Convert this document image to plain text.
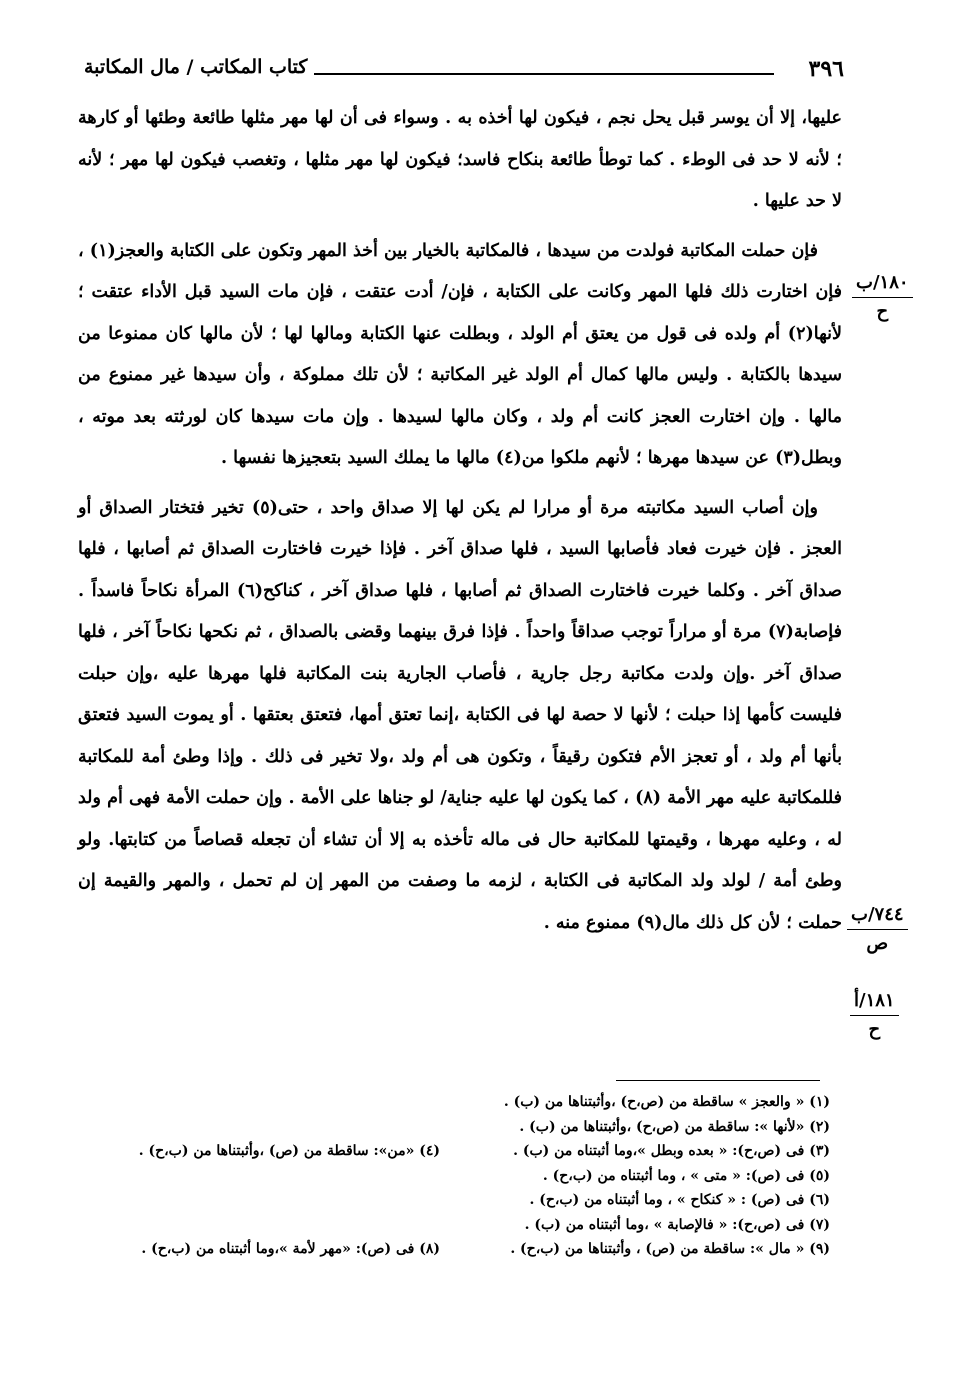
٣٩٦
كتاب المكاتب / مال المكاتبة

عليها، إلا أن يوسر قبل يحل نجم ، فيكون لها أخذه به . وسواء فى أن لها مهر مثلها طائعة وطئها أو كارهة ؛ لأنه لا حد فى الوطء . كما توطأ طائعة بنكاح فاسد؛ فيكون لها مهر مثلها ، وتغصب فيكون لها مهر ؛ لأنه لا حد عليها .

فإن حملت المكاتبة فولدت من سيدها ، فالمكاتبة بالخيار بين أخذ المهر وتكون على الكتابة والعجز(١) ، فإن اختارت ذلك فلها المهر وكانت على الكتابة ، فإن/ أدت عتقت ، فإن مات السيد قبل الأداء عتقت ؛ لأنها(٢) أم ولده فى قول من يعتق أم الولد ، وبطلت عنها الكتابة ومالها لها ؛ لأن مالها كان ممنوعا من سيدها بالكتابة . وليس مالها كمال أم الولد غير المكاتبة ؛ لأن تلك مملوكة ، وأن سيدها غير ممنوع من مالها . وإن اختارت العجز كانت أم ولد ، وكان مالها لسيدها . وإن مات سيدها كان لورثته بعد موته ، وبطل(٣) عن سيدها مهرها ؛ لأنهم ملكوا من(٤) مالها ما يملك السيد بتعجيزها نفسها .

وإن أصاب السيد مكاتبته مرة أو مرارا لم يكن لها إلا صداق واحد ، حتى(٥) تخير فتختار الصداق أو العجز . فإن خيرت فعاد فأصابها السيد ، فلها صداق آخر . فإذا خيرت فاختارت الصداق ثم أصابها ، فلها صداق آخر . وكلما خيرت فاختارت الصداق ثم أصابها ، فلها صداق آخر ، كناكح(٦) المرأة نكاحاً فاسداً . فإصابة(٧) مرة أو مراراً توجب صداقاً واحداً . فإذا فرق بينهما وقضى بالصداق ، ثم نكحها نكاحاً آخر ، فلها صداق آخر .وإن ولدت مكاتبة رجل جارية ، فأصاب الجارية بنت المكاتبة فلها مهرها عليه ،وإن حبلت فليست كأمها إذا حبلت ؛ لأنها لا حصة لها فى الكتابة ،إنما تعتق أمها، فتعتق بعتقها . أو يموت السيد فتعتق بأنها أم ولد ، أو تعجز الأم فتكون رقيقاً ، وتكون هى أم ولد ،ولا تخير فى ذلك . وإذا وطئ أمة للمكاتبة فللمكاتبة عليه مهر الأمة (٨) ، كما يكون لها عليه جناية/ لو جناها على الأمة . وإن حملت الأمة فهى أم ولد له ، وعليه مهرها ، وقيمتها للمكاتبة حال فى ماله تأخذه به إلا أن تشاء أن تجعله قصاصاً من كتابتها. ولو وطئ أمة / لولد ولد المكاتبة فى الكتابة ، لزمه ما وصفت من المهر إن لم تحمل ، والمهر والقيمة إن حملت ؛ لأن كل ذلك مال(٩) ممنوع منه .

١٨٠/ب
ح
٧٤٤/ب
ص
١٨١/أ
ح
(١) « والعجز » ساقطة من (ص،ح) ،وأثبتناها من (ب) .
(٢) «لأنها »: ساقطة من (ص،ح) ،وأثبتناها من (ب) .
(٣) فى (ص،ح): « بعده وبطل »،وما أثبتناه من (ب) .
(٥) فى (ص): « متى » ، وما أثبتناه من (ب،ح) .
(٦) فى (ص) : « كنكاح » ، وما أثبتناه من (ب،ح) .
(٧) فى (ص،ح): « فالإصابة » ،وما أثبتناه من (ب) .
(٩) « مال »: ساقطة من (ص) ، وأثبتناها من (ب،ح) .
(٤) «من»: ساقطة من (ص) ،وأثبتناها من (ب،ح) .
(٨) فى (ص): «مهر لأمة »،وما أثبتناه من (ب،ح) .
